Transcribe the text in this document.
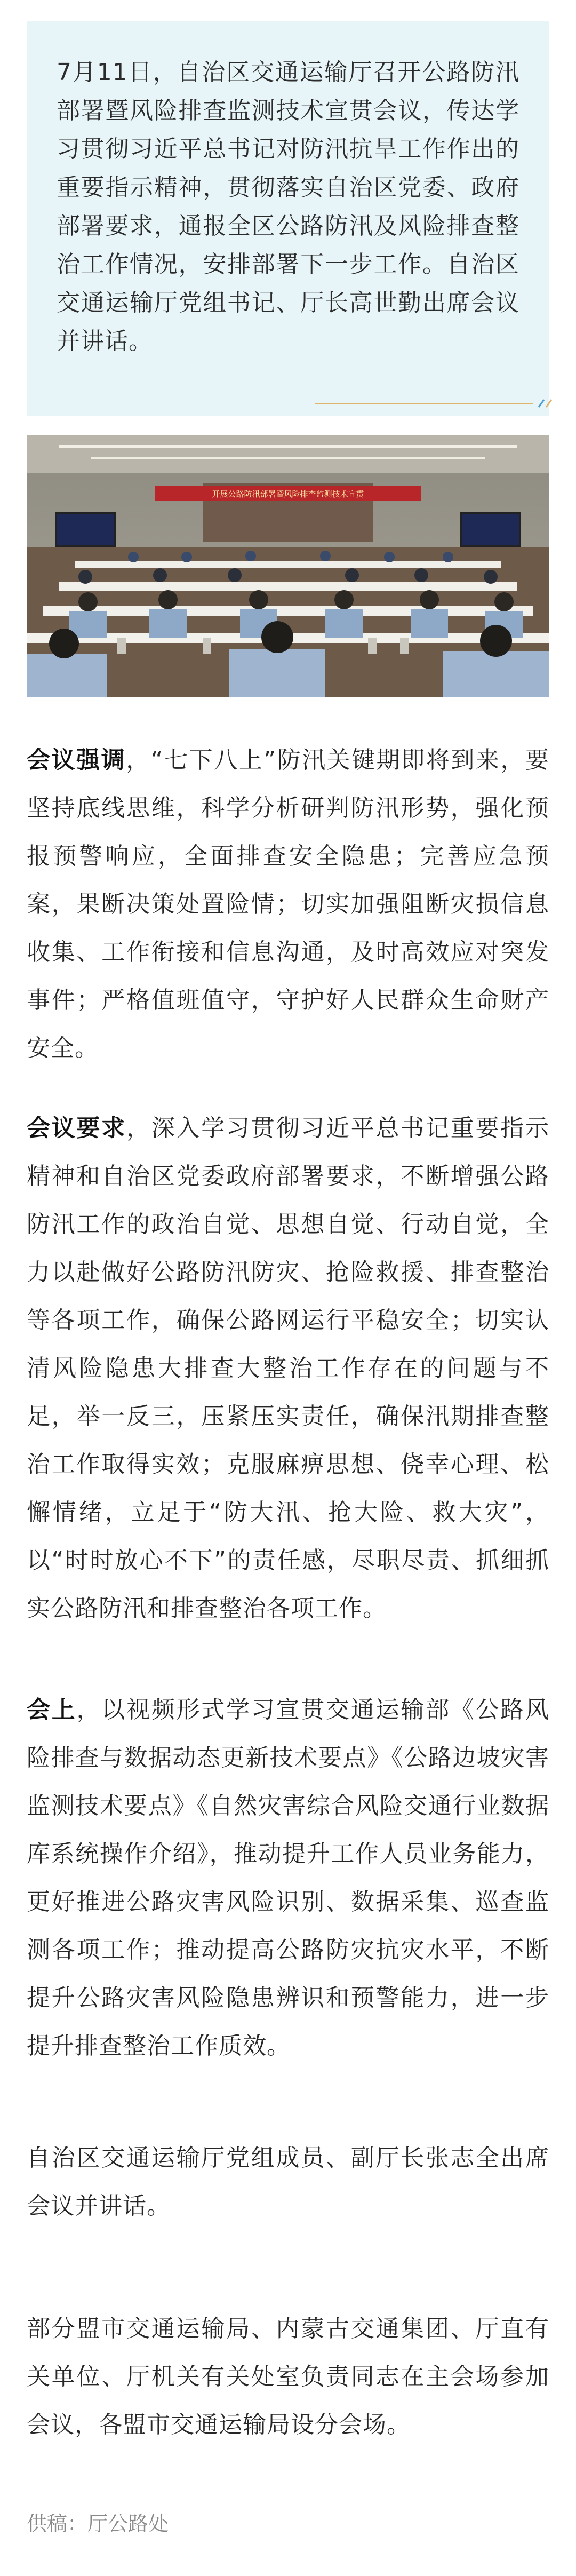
7月11日，自治区交通运输厅召开公路防汛部署暨风险排查监测技术宣贯会议，传达学习贯彻习近平总书记对防汛抗旱工作作出的重要指示精神，贯彻落实自治区党委、政府部署要求，通报全区公路防汛及风险排查整治工作情况，安排部署下一步工作。自治区交通运输厅党组书记、厅长高世勤出席会议并讲话。

开展公路防汛部署暨风险排查监测技术宣贯

会议强调，“七下八上”防汛关键期即将到来，要坚持底线思维，科学分析研判防汛形势，强化预报预警响应，全面排查安全隐患；完善应急预案，果断决策处置险情；切实加强阻断灾损信息收集、工作衔接和信息沟通，及时高效应对突发事件；严格值班值守，守护好人民群众生命财产安全。

会议要求，深入学习贯彻习近平总书记重要指示精神和自治区党委政府部署要求，不断增强公路防汛工作的政治自觉、思想自觉、行动自觉，全力以赴做好公路防汛防灾、抢险救援、排查整治等各项工作，确保公路网运行平稳安全；切实认清风险隐患大排查大整治工作存在的问题与不足，举一反三，压紧压实责任，确保汛期排查整治工作取得实效；克服麻痹思想、侥幸心理、松懈情绪，立足于“防大汛、抢大险、救大灾”，以“时时放心不下”的责任感，尽职尽责、抓细抓实公路防汛和排查整治各项工作。

会上，以视频形式学习宣贯交通运输部《公路风险排查与数据动态更新技术要点》《公路边坡灾害监测技术要点》《自然灾害综合风险交通行业数据库系统操作介绍》，推动提升工作人员业务能力，更好推进公路灾害风险识别、数据采集、巡查监测各项工作；推动提高公路防灾抗灾水平，不断提升公路灾害风险隐患辨识和预警能力，进一步提升排查整治工作质效。

自治区交通运输厅党组成员、副厅长张志全出席会议并讲话。

部分盟市交通运输局、内蒙古交通集团、厅直有关单位、厅机关有关处室负责同志在主会场参加会议，各盟市交通运输局设分会场。

供稿：厅公路处
